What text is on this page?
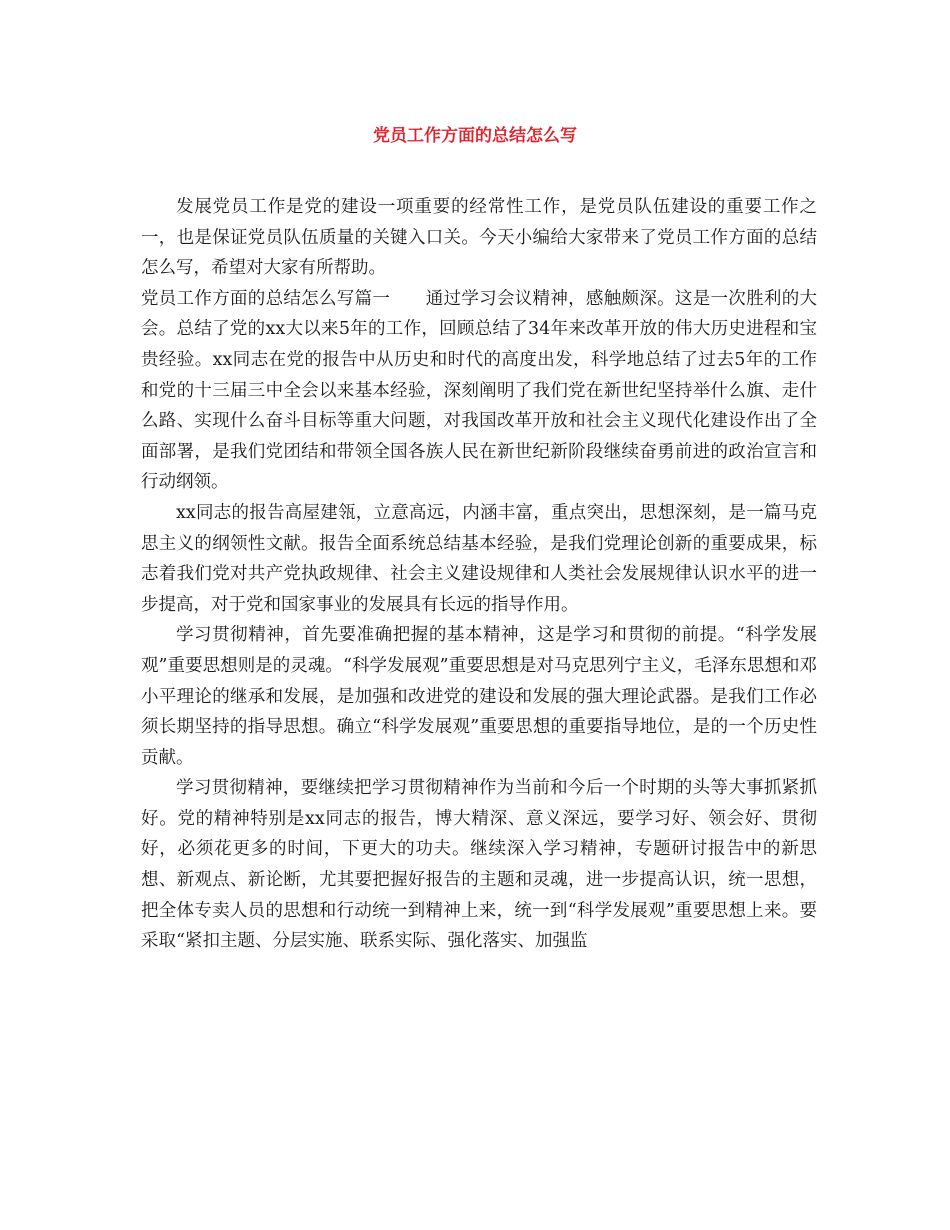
党员工作方面的总结怎么写

发展党员工作是党的建设一项重要的经常性工作，是党员队伍建设的重要工作之一，也是保证党员队伍质量的关键入口关。今天小编给大家带来了党员工作方面的总结怎么写，希望对大家有所帮助。

党员工作方面的总结怎么写篇一　　通过学习会议精神，感触颇深。这是一次胜利的大会。总结了党的xx大以来5年的工作，回顾总结了34年来改革开放的伟大历史进程和宝贵经验。xx同志在党的报告中从历史和时代的高度出发，科学地总结了过去5年的工作和党的十三届三中全会以来基本经验，深刻阐明了我们党在新世纪坚持举什么旗、走什么路、实现什么奋斗目标等重大问题，对我国改革开放和社会主义现代化建设作出了全面部署，是我们党团结和带领全国各族人民在新世纪新阶段继续奋勇前进的政治宣言和行动纲领。

xx同志的报告高屋建瓴，立意高远，内涵丰富，重点突出，思想深刻，是一篇马克思主义的纲领性文献。报告全面系统总结基本经验，是我们党理论创新的重要成果，标志着我们党对共产党执政规律、社会主义建设规律和人类社会发展规律认识水平的进一步提高，对于党和国家事业的发展具有长远的指导作用。

学习贯彻精神，首先要准确把握的基本精神，这是学习和贯彻的前提。“科学发展观”重要思想则是的灵魂。“科学发展观”重要思想是对马克思列宁主义，毛泽东思想和邓小平理论的继承和发展，是加强和改进党的建设和发展的强大理论武器。是我们工作必须长期坚持的指导思想。确立“科学发展观”重要思想的重要指导地位，是的一个历史性贡献。

学习贯彻精神，要继续把学习贯彻精神作为当前和今后一个时期的头等大事抓紧抓好。党的精神特别是xx同志的报告，博大精深、意义深远，要学习好、领会好、贯彻好，必须花更多的时间，下更大的功夫。继续深入学习精神，专题研讨报告中的新思想、新观点、新论断，尤其要把握好报告的主题和灵魂，进一步提高认识，统一思想，把全体专卖人员的思想和行动统一到精神上来，统一到“科学发展观”重要思想上来。要采取“紧扣主题、分层实施、联系实际、强化落实、加强监
